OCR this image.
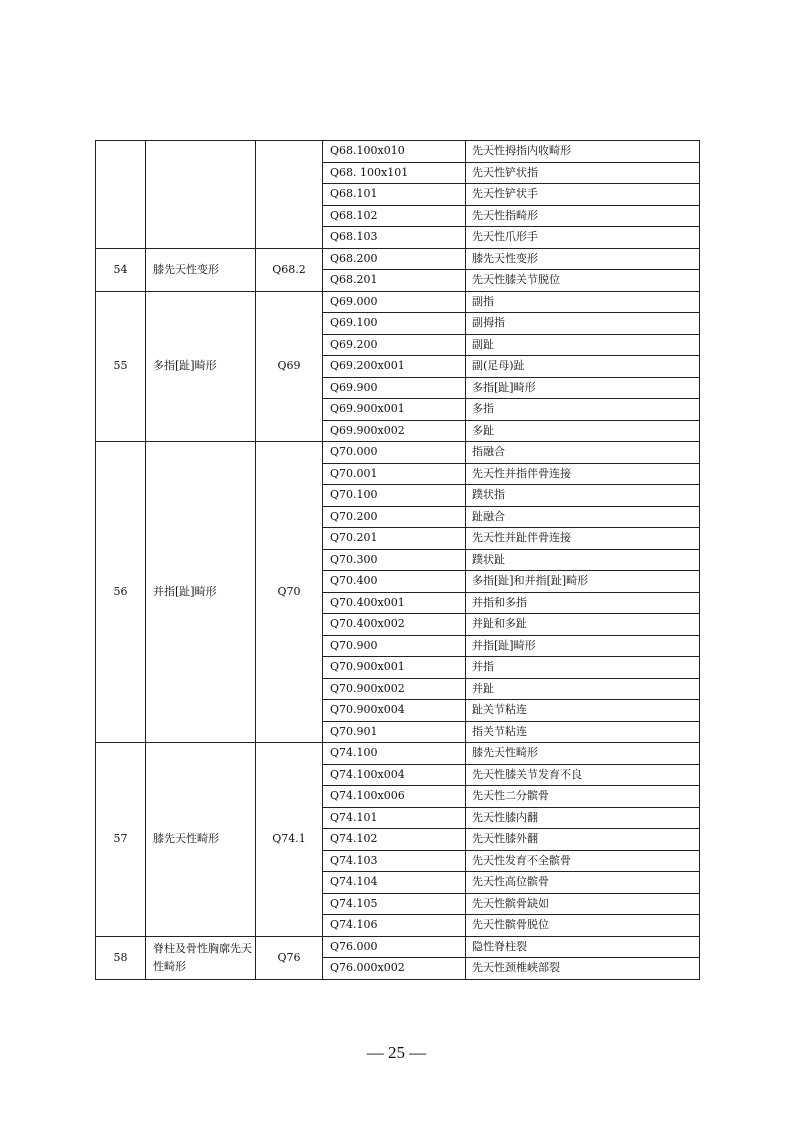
			Q68.100x010	先天性拇指内收畸形
			Q68. 100x101	先天性铲状指
			Q68.101	先天性铲状手
			Q68.102	先天性指畸形
			Q68.103	先天性爪形手
54	膝先天性变形	Q68.2	Q68.200	膝先天性变形
			Q68.201	先天性膝关节脱位
55	多指[趾]畸形	Q69	Q69.000	副指
			Q69.100	副拇指
			Q69.200	副趾
			Q69.200x001	副(足母)趾
			Q69.900	多指[趾]畸形
			Q69.900x001	多指
			Q69.900x002	多趾
56	并指[趾]畸形	Q70	Q70.000	指融合
			Q70.001	先天性并指伴骨连接
			Q70.100	蹼状指
			Q70.200	趾融合
			Q70.201	先天性并趾伴骨连接
			Q70.300	蹼状趾
			Q70.400	多指[趾]和并指[趾]畸形
			Q70.400x001	并指和多指
			Q70.400x002	并趾和多趾
			Q70.900	并指[趾]畸形
			Q70.900x001	并指
			Q70.900x002	并趾
			Q70.900x004	趾关节粘连
			Q70.901	指关节粘连
57	膝先天性畸形	Q74.1	Q74.100	膝先天性畸形
			Q74.100x004	先天性膝关节发育不良
			Q74.100x006	先天性二分髌骨
			Q74.101	先天性膝内翻
			Q74.102	先天性膝外翻
			Q74.103	先天性发育不全髌骨
			Q74.104	先天性高位髌骨
			Q74.105	先天性髌骨缺如
			Q74.106	先天性髌骨脱位
58	脊柱及骨性胸廓先天性畸形	Q76	Q76.000	隐性脊柱裂
			Q76.000x002	先天性颈椎峡部裂
— 25 —
